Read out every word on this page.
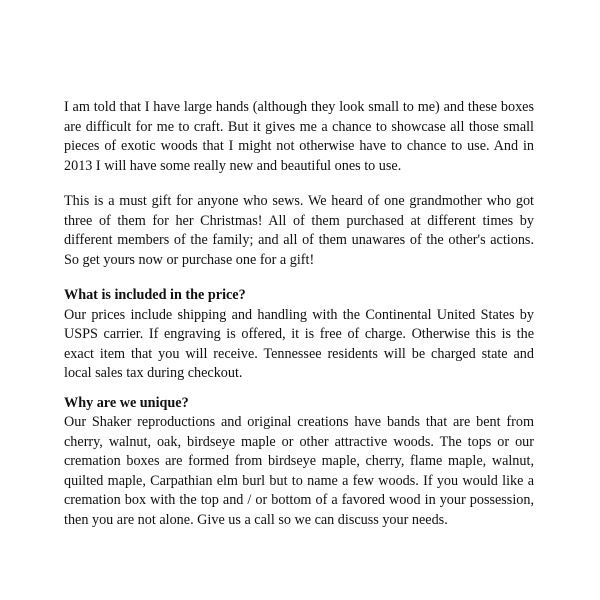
I am told that I have large hands (although they look small to me) and these boxes are difficult for me to craft. But it gives me a chance to showcase all those small pieces of exotic woods that I might not otherwise have to chance to use. And in 2013 I will have some really new and beautiful ones to use.

This is a must gift for anyone who sews. We heard of one grandmother who got three of them for her Christmas! All of them purchased at different times by different members of the family; and all of them unawares of the other's actions. So get yours now or purchase one for a gift!

What is included in the price?

Our prices include shipping and handling with the Continental United States by USPS carrier. If engraving is offered, it is free of charge. Otherwise this is the exact item that you will receive. Tennessee residents will be charged state and local sales tax during checkout.

Why are we unique?

Our Shaker reproductions and original creations have bands that are bent from cherry, walnut, oak, birdseye maple or other attractive woods. The tops or our cremation boxes are formed from birdseye maple, cherry, flame maple, walnut, quilted maple, Carpathian elm burl but to name a few woods. If you would like a cremation box with the top and / or bottom of a favored wood in your possession, then you are not alone. Give us a call so we can discuss your needs.
